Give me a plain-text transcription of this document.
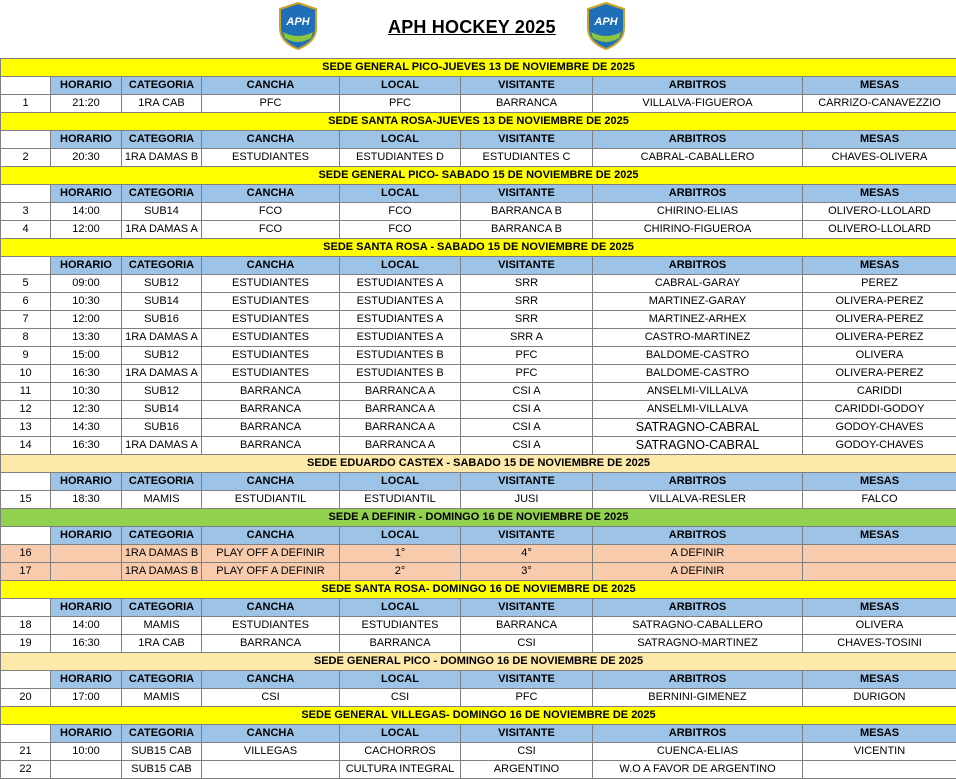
APH	APH HOCKEY 2025	APH
SEDE GENERAL PICO-JUEVES 13 DE NOVIEMBRE DE 2025							
	HORARIO	CATEGORIA	CANCHA	LOCAL	VISITANTE	ARBITROS	MESAS
1	21:20	1RA CAB	PFC	PFC	BARRANCA	VILLALVA-FIGUEROA	CARRIZO-CANAVEZZIO
SEDE SANTA ROSA-JUEVES 13 DE NOVIEMBRE DE 2025							
	HORARIO	CATEGORIA	CANCHA	LOCAL	VISITANTE	ARBITROS	MESAS
2	20:30	1RA DAMAS B	ESTUDIANTES	ESTUDIANTES D	ESTUDIANTES C	CABRAL-CABALLERO	CHAVES-OLIVERA
SEDE GENERAL PICO- SABADO 15 DE NOVIEMBRE DE 2025							
	HORARIO	CATEGORIA	CANCHA	LOCAL	VISITANTE	ARBITROS	MESAS
3	14:00	SUB14	FCO	FCO	BARRANCA B	CHIRINO-ELIAS	OLIVERO-LLOLARD
4	12:00	1RA DAMAS A	FCO	FCO	BARRANCA B	CHIRINO-FIGUEROA	OLIVERO-LLOLARD
SEDE SANTA ROSA - SABADO 15 DE NOVIEMBRE DE 2025							
	HORARIO	CATEGORIA	CANCHA	LOCAL	VISITANTE	ARBITROS	MESAS
5	09:00	SUB12	ESTUDIANTES	ESTUDIANTES A	SRR	CABRAL-GARAY	PEREZ
6	10:30	SUB14	ESTUDIANTES	ESTUDIANTES A	SRR	MARTINEZ-GARAY	OLIVERA-PEREZ
7	12:00	SUB16	ESTUDIANTES	ESTUDIANTES A	SRR	MARTINEZ-ARHEX	OLIVERA-PEREZ
8	13:30	1RA DAMAS A	ESTUDIANTES	ESTUDIANTES A	SRR A	CASTRO-MARTINEZ	OLIVERA-PEREZ
9	15:00	SUB12	ESTUDIANTES	ESTUDIANTES B	PFC	BALDOME-CASTRO	OLIVERA
10	16:30	1RA DAMAS A	ESTUDIANTES	ESTUDIANTES B	PFC	BALDOME-CASTRO	OLIVERA-PEREZ
11	10:30	SUB12	BARRANCA	BARRANCA A	CSI A	ANSELMI-VILLALVA	CARIDDI
12	12:30	SUB14	BARRANCA	BARRANCA A	CSI A	ANSELMI-VILLALVA	CARIDDI-GODOY
13	14:30	SUB16	BARRANCA	BARRANCA A	CSI A	SATRAGNO-CABRAL	GODOY-CHAVES
14	16:30	1RA DAMAS A	BARRANCA	BARRANCA A	CSI A	SATRAGNO-CABRAL	GODOY-CHAVES
SEDE EDUARDO CASTEX - SABADO 15 DE NOVIEMBRE DE 2025							
	HORARIO	CATEGORIA	CANCHA	LOCAL	VISITANTE	ARBITROS	MESAS
15	18:30	MAMIS	ESTUDIANTIL	ESTUDIANTIL	JUSI	VILLALVA-RESLER	FALCO
SEDE A DEFINIR - DOMINGO 16 DE NOVIEMBRE DE 2025							
	HORARIO	CATEGORIA	CANCHA	LOCAL	VISITANTE	ARBITROS	MESAS
16		1RA DAMAS B	PLAY OFF A DEFINIR	1°	4°	A DEFINIR	
17		1RA DAMAS B	PLAY OFF A DEFINIR	2°	3°	A DEFINIR	
SEDE SANTA ROSA- DOMINGO 16 DE NOVIEMBRE DE 2025							
	HORARIO	CATEGORIA	CANCHA	LOCAL	VISITANTE	ARBITROS	MESAS
18	14:00	MAMIS	ESTUDIANTES	ESTUDIANTES	BARRANCA	SATRAGNO-CABALLERO	OLIVERA
19	16:30	1RA CAB	BARRANCA	BARRANCA	CSI	SATRAGNO-MARTINEZ	CHAVES-TOSINI
SEDE GENERAL PICO - DOMINGO 16 DE NOVIEMBRE DE 2025							
	HORARIO	CATEGORIA	CANCHA	LOCAL	VISITANTE	ARBITROS	MESAS
20	17:00	MAMIS	CSI	CSI	PFC	BERNINI-GIMENEZ	DURIGON
SEDE GENERAL VILLEGAS- DOMINGO 16 DE NOVIEMBRE DE 2025							
	HORARIO	CATEGORIA	CANCHA	LOCAL	VISITANTE	ARBITROS	MESAS
21	10:00	SUB15 CAB	VILLEGAS	CACHORROS	CSI	CUENCA-ELIAS	VICENTIN
22		SUB15 CAB		CULTURA INTEGRAL	ARGENTINO	W.O A FAVOR DE ARGENTINO	
